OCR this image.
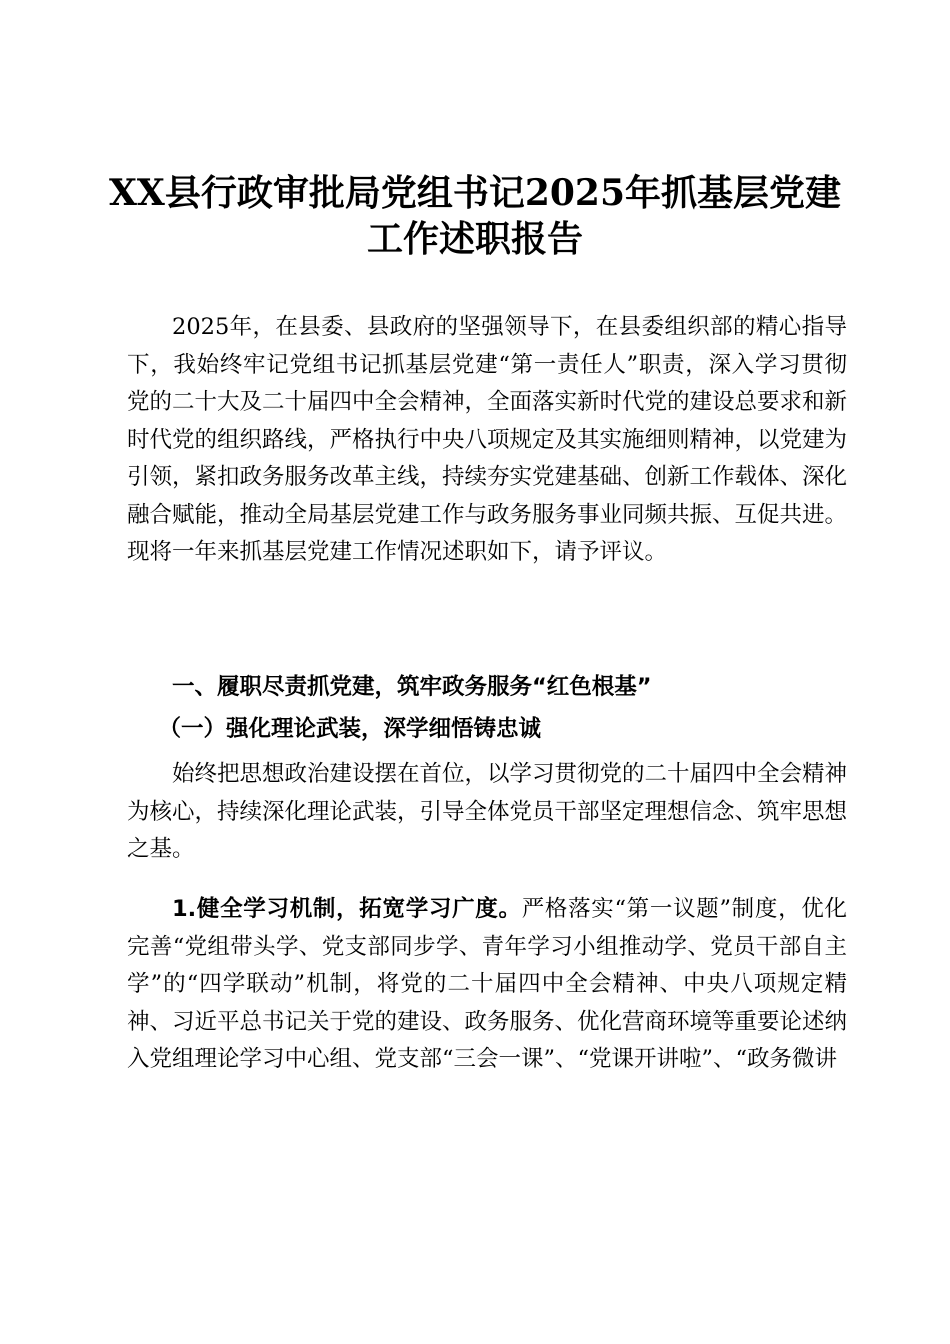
XX县行政审批局党组书记2025年抓基层党建
工作述职报告

2025年，在县委、县政府的坚强领导下，在县委组织部的精心指导下，我始终牢记党组书记抓基层党建“第一责任人”职责，深入学习贯彻党的二十大及二十届四中全会精神，全面落实新时代党的建设总要求和新时代党的组织路线，严格执行中央八项规定及其实施细则精神，以党建为引领，紧扣政务服务改革主线，持续夯实党建基础、创新工作载体、深化融合赋能，推动全局基层党建工作与政务服务事业同频共振、互促共进。现将一年来抓基层党建工作情况述职如下，请予评议。

一、履职尽责抓党建，筑牢政务服务“红色根基”

（一）强化理论武装，深学细悟铸忠诚

始终把思想政治建设摆在首位，以学习贯彻党的二十届四中全会精神为核心，持续深化理论武装，引导全体党员干部坚定理想信念、筑牢思想之基。

1.健全学习机制，拓宽学习广度。严格落实“第一议题”制度，优化完善“党组带头学、党支部同步学、青年学习小组推动学、党员干部自主学”的“四学联动”机制，将党的二十届四中全会精神、中央八项规定精神、习近平总书记关于党的建设、政务服务、优化营商环境等重要论述纳入党组理论学习中心组、党支部“三会一课”、“党课开讲啦”、“政务微讲
